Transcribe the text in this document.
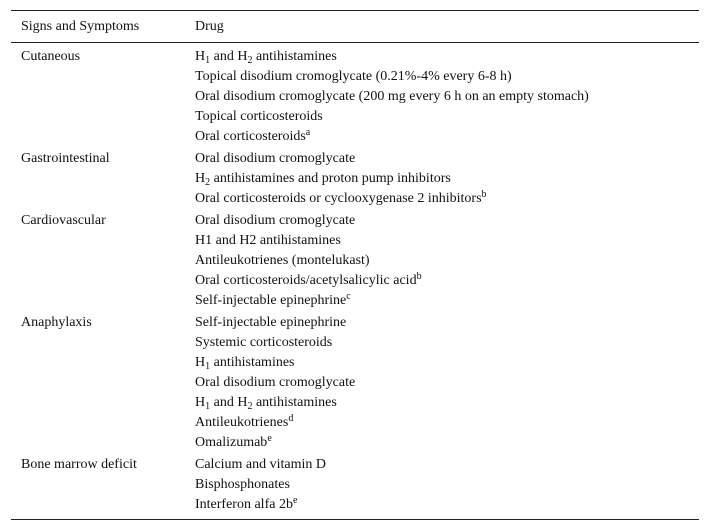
Signs and Symptoms	Drug
Cutaneous	$H_1$ and $H_2$ antihistamines
Topical disodium cromoglycate (0.21%-4% every 6-8 h)
Oral disodium cromoglycate (200 mg every 6 h on an empty stomach)
Topical corticosteroids
Oral corticosteroids$^a$
Gastrointestinal	Oral disodium cromoglycate
$H_2$ antihistamines and proton pump inhibitors
Oral corticosteroids or cyclooxygenase 2 inhibitors$^b$
Cardiovascular	Oral disodium cromoglycate
H1 and H2 antihistamines
Antileukotrienes (montelukast)
Oral corticosteroids/acetylsalicylic acid$^b$
Self-injectable epinephrine$^c$
Anaphylaxis	Self-injectable epinephrine
Systemic corticosteroids
$H_1$ antihistamines
Oral disodium cromoglycate
$H_1$ and $H_2$ antihistamines
Antileukotrienes$^d$
Omalizumab$^e$
Bone marrow deficit	Calcium and vitamin D
Bisphosphonates
Interferon alfa $2b^e$
